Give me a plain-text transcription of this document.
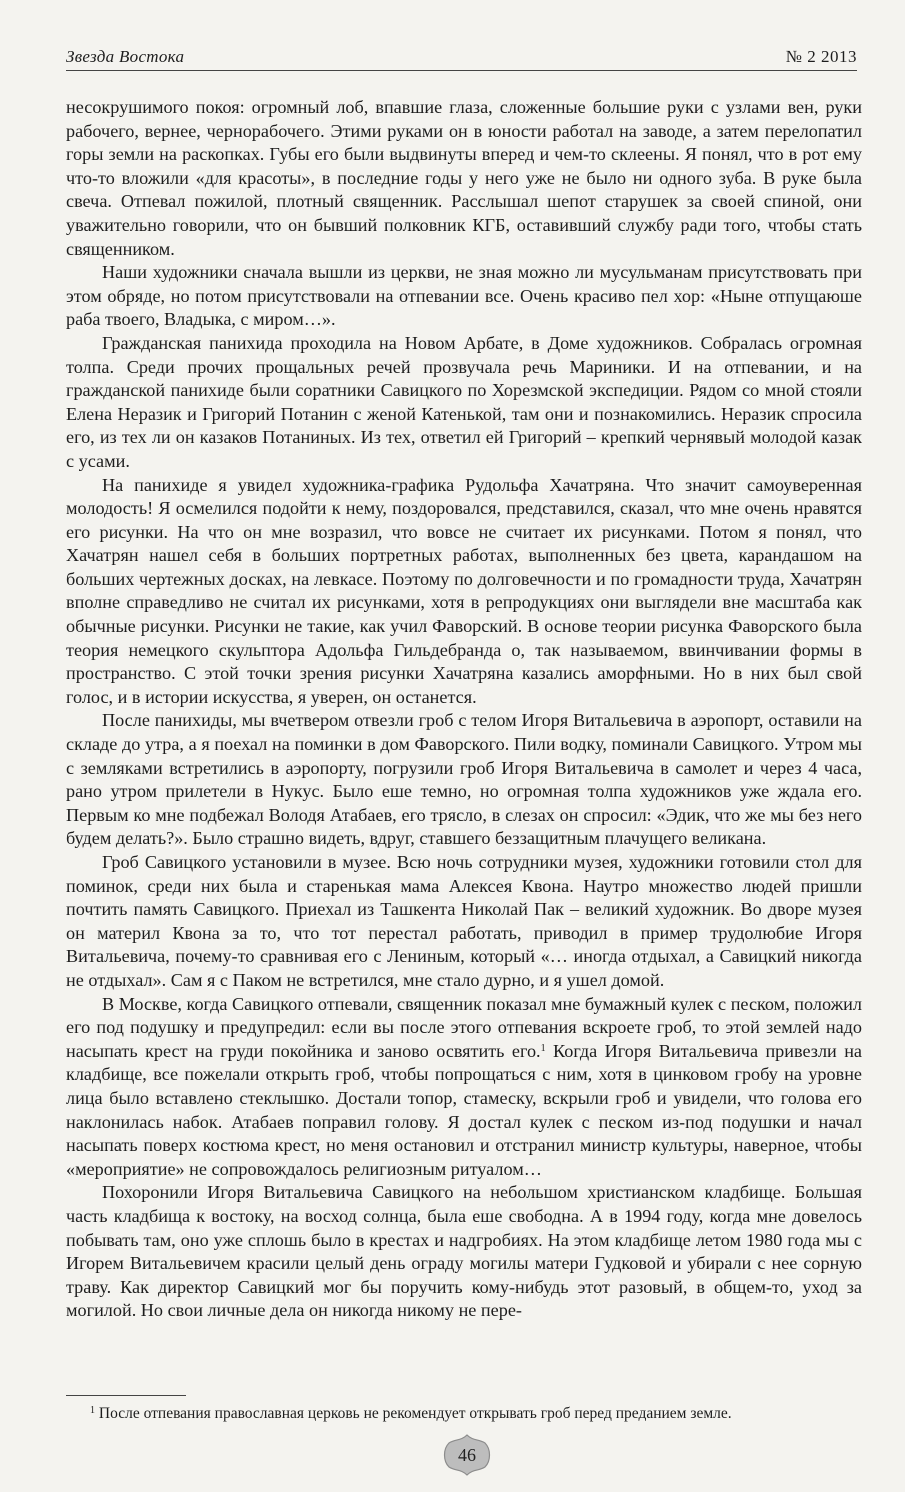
Звезда Востока	№ 2 2013

несокрушимого покоя: огромный лоб, впавшие глаза, сложенные большие руки с узлами вен, руки рабочего, вернее, чернорабочего. Этими руками он в юности работал на заводе, а затем перелопатил горы земли на раскопках. Губы его были выдвинуты вперед и чем-то склеены. Я понял, что в рот ему что-то вложили «для красоты», в последние годы у него уже не было ни одного зуба. В руке была свеча. Отпевал пожилой, плотный священник. Расслышал шепот старушек за своей спиной, они уважительно говорили, что он бывший полковник КГБ, оставивший службу ради того, чтобы стать священником.

Наши художники сначала вышли из церкви, не зная можно ли мусульманам присутствовать при этом обряде, но потом присутствовали на отпевании все. Очень красиво пел хор: «Ныне отпущаюше раба твоего, Владыка, с миром…».

Гражданская панихида проходила на Новом Арбате, в Доме художников. Собралась огромная толпа. Среди прочих прощальных речей прозвучала речь Мариники. И на отпевании, и на гражданской панихиде были соратники Савицкого по Хорезмской экспедиции. Рядом со мной стояли Елена Неразик и Григорий Потанин с женой Катенькой, там они и познакомились. Неразик спросила его, из тех ли он казаков Потаниных. Из тех, ответил ей Григорий – крепкий чернявый молодой казак с усами.

На панихиде я увидел художника-графика Рудольфа Хачатряна. Что значит самоуверенная молодость! Я осмелился подойти к нему, поздоровался, представился, сказал, что мне очень нравятся его рисунки. На что он мне возразил, что вовсе не считает их рисунками. Потом я понял, что Хачатрян нашел себя в больших портретных работах, выполненных без цвета, карандашом на больших чертежных досках, на левкасе. Поэтому по долговечности и по громадности труда, Хачатрян вполне справедливо не считал их рисунками, хотя в репродукциях они выглядели вне масштаба как обычные рисунки. Рисунки не такие, как учил Фаворский. В основе теории рисунка Фаворского была теория немецкого скульптора Адольфа Гильдебранда о, так называемом, ввинчивании формы в пространство. С этой точки зрения рисунки Хачатряна казались аморфными. Но в них был свой голос, и в истории искусства, я уверен, он останется.

После панихиды, мы вчетвером отвезли гроб с телом Игоря Витальевича в аэропорт, оставили на складе до утра, а я поехал на поминки в дом Фаворского. Пили водку, поминали Савицкого. Утром мы с земляками встретились в аэропорту, погрузили гроб Игоря Витальевича в самолет и через 4 часа, рано утром прилетели в Нукус. Было еше темно, но огромная толпа художников уже ждала его. Первым ко мне подбежал Володя Атабаев, его трясло, в слезах он спросил: «Эдик, что же мы без него будем делать?». Было страшно видеть, вдруг, ставшего беззащитным плачущего великана.

Гроб Савицкого установили в музее. Всю ночь сотрудники музея, художники готовили стол для поминок, среди них была и старенькая мама Алексея Квона. Наутро множество людей пришли почтить память Савицкого. Приехал из Ташкента Николай Пак – великий художник. Во дворе музея он материл Квона за то, что тот перестал работать, приводил в пример трудолюбие Игоря Витальевича, почему-то сравнивая его с Лениным, который «… иногда отдыхал, а Савицкий никогда не отдыхал». Сам я с Паком не встретился, мне стало дурно, и я ушел домой.

В Москве, когда Савицкого отпевали, священник показал мне бумажный кулек с песком, положил его под подушку и предупредил: если вы после этого отпевания вскроете гроб, то этой землей надо насыпать крест на груди покойника и заново освятить его.$^1$ Когда Игоря Витальевича привезли на кладбище, все пожелали открыть гроб, чтобы попрощаться с ним, хотя в цинковом гробу на уровне лица было вставлено стеклышко. Достали топор, стамеску, вскрыли гроб и увидели, что голова его наклонилась набок. Атабаев поправил голову. Я достал кулек с песком из-под подушки и начал насыпать поверх костюма крест, но меня остановил и отстранил министр культуры, наверное, чтобы «мероприятие» не сопровождалось религиозным ритуалом…

Похоронили Игоря Витальевича Савицкого на небольшом христианском кладбище. Большая часть кладбища к востоку, на восход солнца, была еше свободна. А в 1994 году, когда мне довелось побывать там, оно уже сплошь было в крестах и надгробиях. На этом кладбище летом 1980 года мы с Игорем Витальевичем красили целый день ограду могилы матери Гудковой и убирали с нее сорную траву. Как директор Савицкий мог бы поручить кому-нибудь этот разовый, в общем-то, уход за могилой. Но свои личные дела он никогда никому не пере-

$^1$ После отпевания православная церковь не рекомендует открывать гроб перед преданием земле.
46
